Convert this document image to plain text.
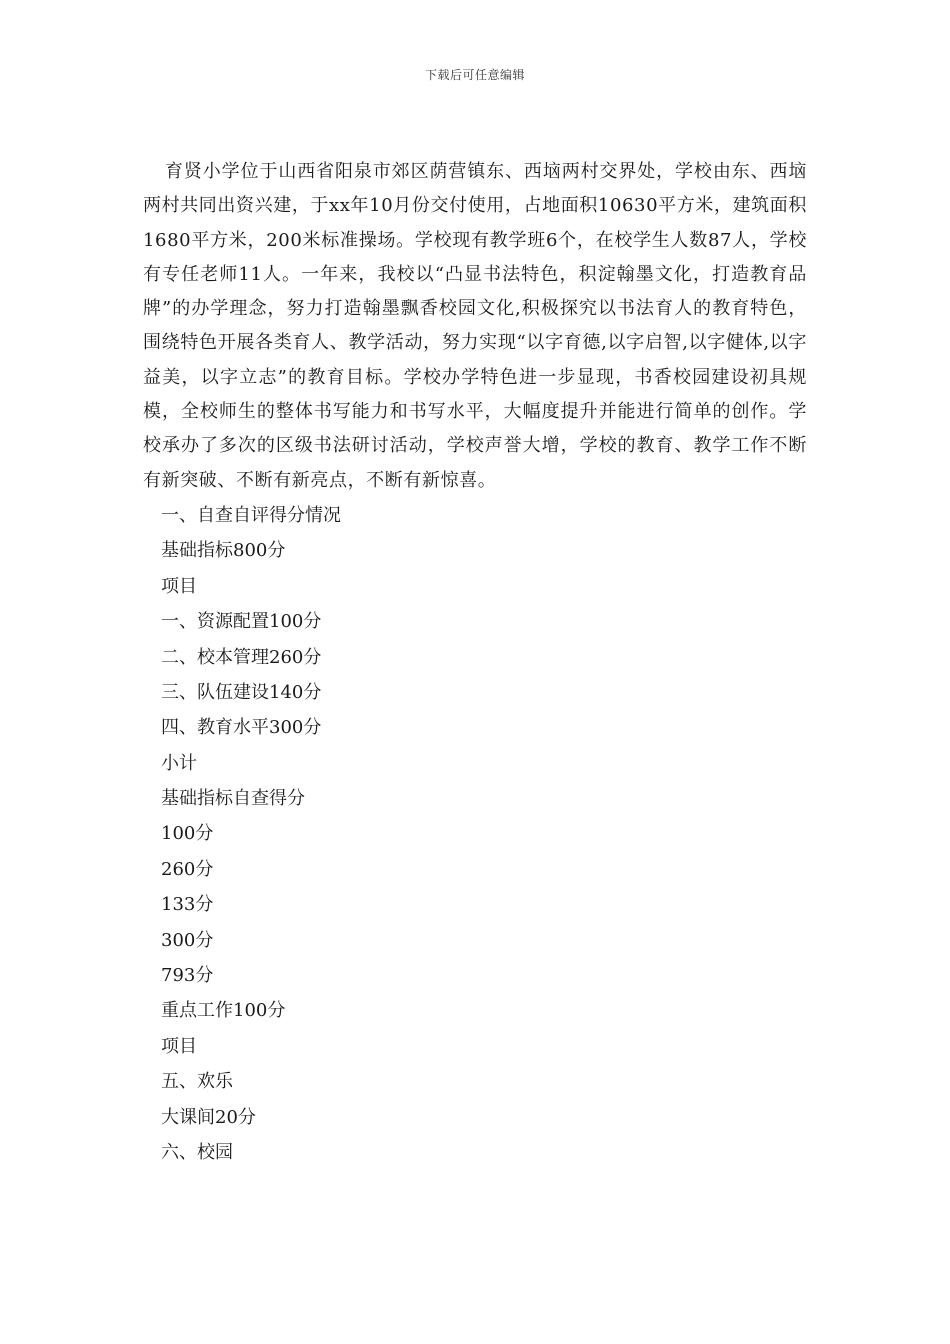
下载后可任意编辑

育贤小学位于山西省阳泉市郊区荫营镇东、西垴两村交界处，学校由东、西垴两村共同出资兴建，于xx年10月份交付使用，占地面积10630平方米，建筑面积1680平方米，200米标准操场。学校现有教学班6个，在校学生人数87人，学校有专任老师11人。一年来，我校以“凸显书法特色，积淀翰墨文化，打造教育品牌”的办学理念，努力打造翰墨飘香校园文化,积极探究以书法育人的教育特色，围绕特色开展各类育人、教学活动，努力实现“以字育德,以字启智,以字健体,以字益美，以字立志”的教育目标。学校办学特色进一步显现，书香校园建设初具规模，全校师生的整体书写能力和书写水平，大幅度提升并能进行简单的创作。学校承办了多次的区级书法研讨活动，学校声誉大增，学校的教育、教学工作不断有新突破、不断有新亮点，不断有新惊喜。

一、自查自评得分情况
基础指标800分
项目
一、资源配置100分
二、校本管理260分
三、队伍建设140分
四、教育水平300分
小计
基础指标自查得分
100分
260分
133分
300分
793分
重点工作100分
项目
五、欢乐
大课间20分
六、校园
